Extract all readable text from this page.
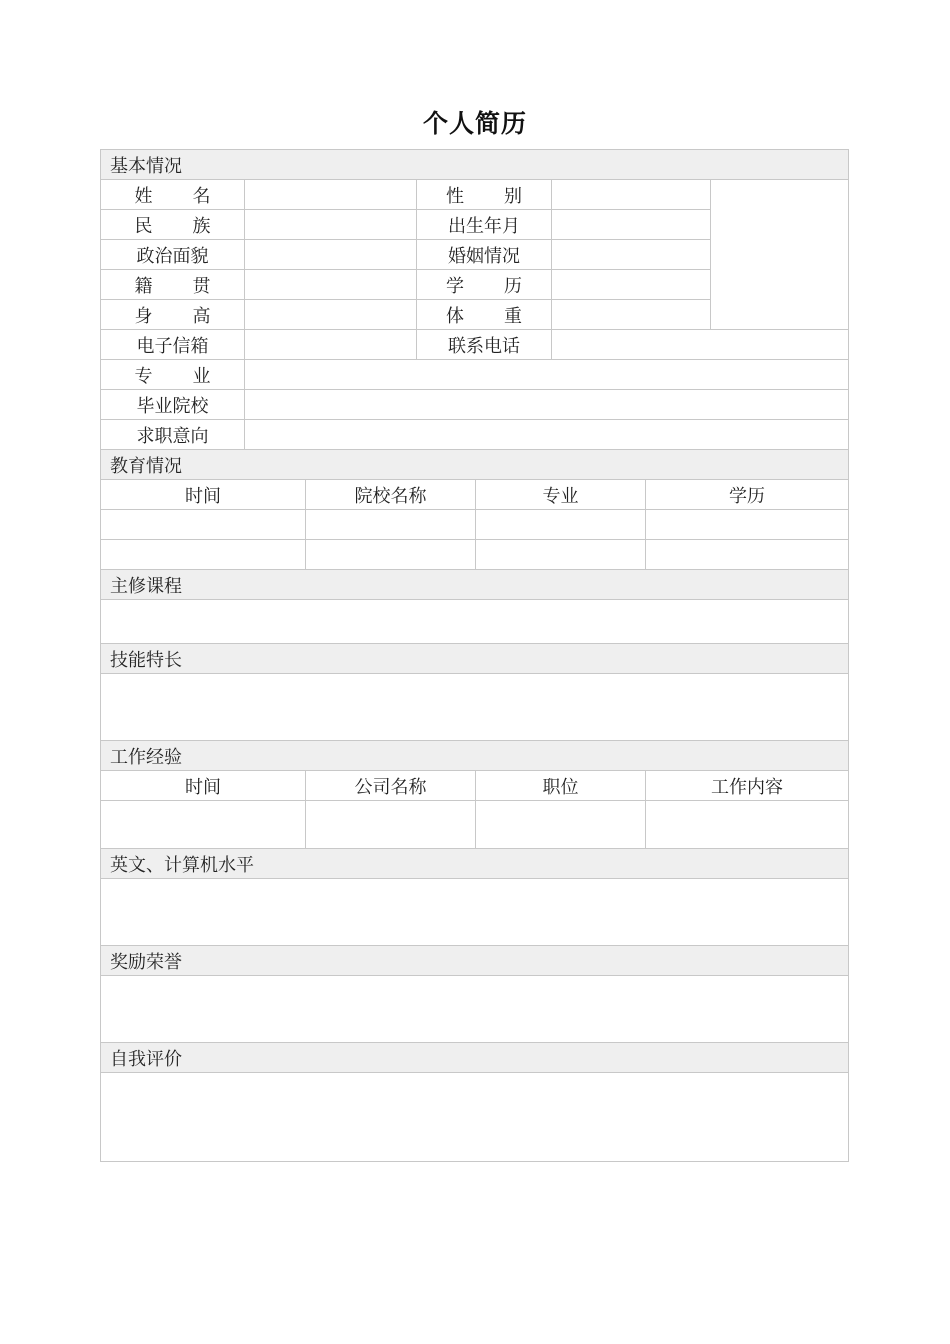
个人简历
基本情况							
姓　名			性　别				
民　族			出生年月				
政治面貌			婚姻情况				
籍　贯			学　历				
身　高			体　重				
电子信箱			联系电话				
专　业							
毕业院校							
求职意向							
教育情况							
时间		院校名称		专业		学历	

主修课程							

技能特长							

工作经验							
时间		公司名称		职位		工作内容	

英文、计算机水平							

奖励荣誉							

自我评价							
